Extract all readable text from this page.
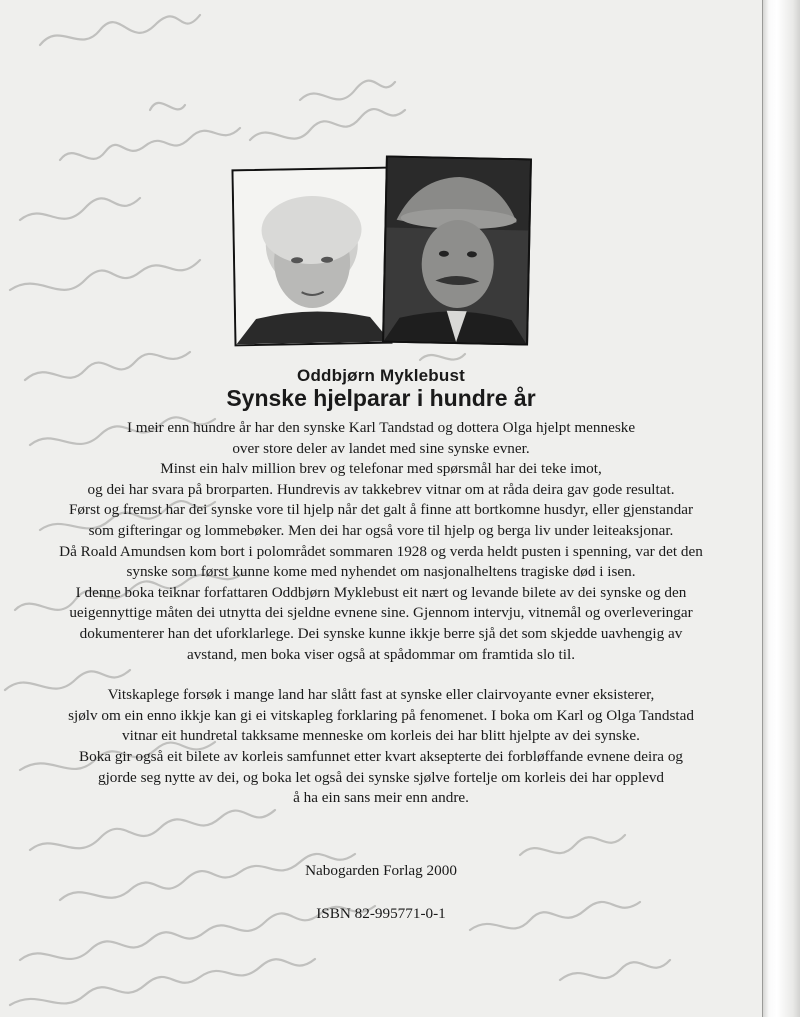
Oddbjørn Myklebust
Synske hjelparar i hundre år

I meir enn hundre år har den synske Karl Tandstad og dottera Olga hjelpt menneske
over store deler av landet med sine synske evner.
Minst ein halv million brev og telefonar med spørsmål har dei teke imot,
og dei har svara på brorparten. Hundrevis av takkebrev vitnar om at råda deira gav gode resultat.
Først og fremst har dei synske vore til hjelp når det galt å finne att bortkomne husdyr, eller gjenstandar
som gifteringar og lommebøker. Men dei har også vore til hjelp og berga liv under leiteaksjonar.
Då Roald Amundsen kom bort i polområdet sommaren 1928 og verda heldt pusten i spenning, var det den
synske som først kunne kome med nyhendet om nasjonalheltens tragiske død i isen.
I denne boka teiknar forfattaren Oddbjørn Myklebust eit nært og levande bilete av dei synske og den
ueigennyttige måten dei utnytta dei sjeldne evnene sine. Gjennom intervju, vitnemål og overleveringar
dokumenterer han det uforklarlege. Dei synske kunne ikkje berre sjå det som skjedde uavhengig av
avstand, men boka viser også at spådommar om framtida slo til.

Vitskaplege forsøk i mange land har slått fast at synske eller clairvoyante evner eksisterer,
sjølv om ein enno ikkje kan gi ei vitskapleg forklaring på fenomenet. I boka om Karl og Olga Tandstad
vitnar eit hundretal takksame menneske om korleis dei har blitt hjelpte av dei synske.
Boka gir også eit bilete av korleis samfunnet etter kvart aksepterte dei forbløffande evnene deira og
gjorde seg nytte av dei, og boka let også dei synske sjølve fortelje om korleis dei har opplevd
å ha ein sans meir enn andre.

Nabogarden Forlag 2000
ISBN 82-995771-0-1
